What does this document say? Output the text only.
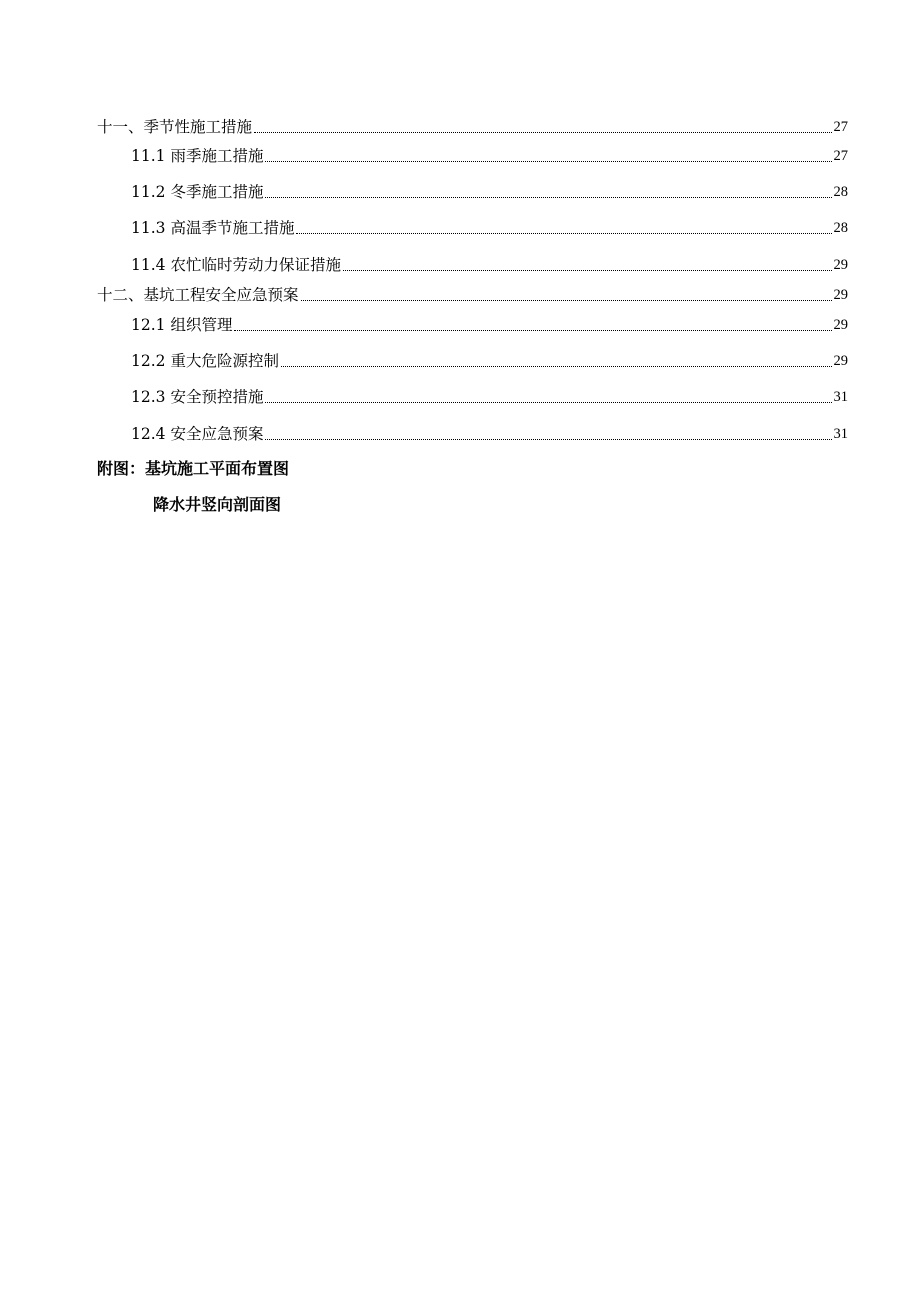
十一、季节性施工措施	27
11.1 雨季施工措施	27
11.2 冬季施工措施	28
11.3 高温季节施工措施	28
11.4 农忙临时劳动力保证措施	29
十二、基坑工程安全应急预案	29
12.1 组织管理	29
12.2 重大危险源控制	29
12.3 安全预控措施	31
12.4 安全应急预案	31
附图：基坑施工平面布置图
降水井竖向剖面图
